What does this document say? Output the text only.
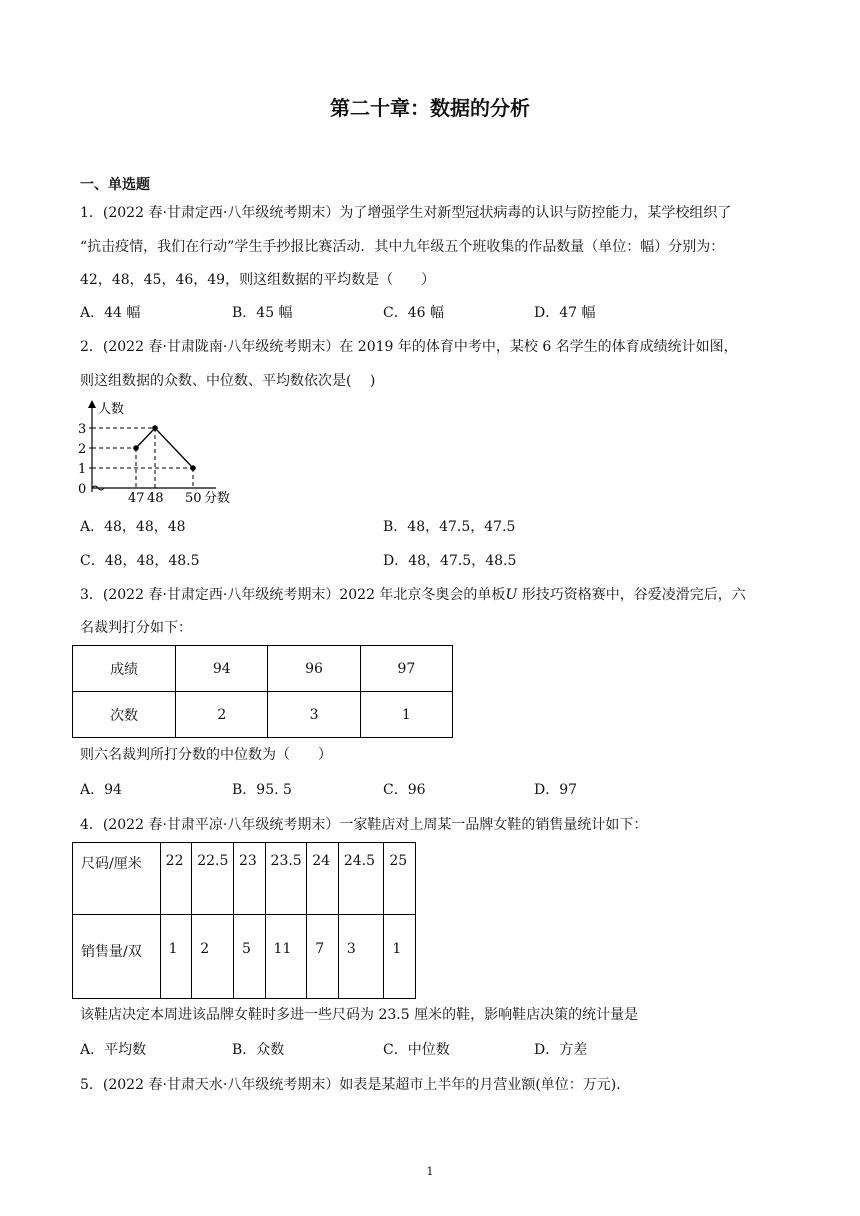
第二十章：数据的分析
一、单选题
1．(2022 春·甘肃定西·八年级统考期末）为了增强学生对新型冠状病毒的认识与防控能力，某学校组织了
“抗击疫情，我们在行动”学生手抄报比赛活动．其中九年级五个班收集的作品数量（单位：幅）分别为：
42，48，45，46，49，则这组数据的平均数是（　　）
A．44 幅	B．45 幅	C．46 幅	D．47 幅
2．(2022 春·甘肃陇南·八年级统考期末）在 2019 年的体育中考中，某校 6 名学生的体育成绩统计如图，
则这组数据的众数、中位数、平均数依次是(　 )
人数
分数
0
1
2
3
47 48 50
A．48，48，48	B．48，47.5，47.5
C．48，48，48.5	D．48，47.5，48.5
3．(2022 春·甘肃定西·八年级统考期末）2022 年北京冬奥会的单板U 形技巧资格赛中，谷爱凌滑完后，六
名裁判打分如下：
成绩	94	96	97
次数	2	3	1
则六名裁判所打分数的中位数为（　　）
A．94	B．95. 5	C．96	D．97
4．(2022 春·甘肃平凉·八年级统考期末）一家鞋店对上周某一品牌女鞋的销售量统计如下：
尺码/厘米	22	22.5	23	23.5	24	24.5	25
销售量/双	1	2	5	11	7	3	1
该鞋店决定本周进该品牌女鞋时多进一些尺码为 23.5 厘米的鞋，影响鞋店决策的统计量是
A．平均数	B．众数	C．中位数	D．方差
5．(2022 春·甘肃天水·八年级统考期末）如表是某超市上半年的月营业额(单位：万元)．
1
